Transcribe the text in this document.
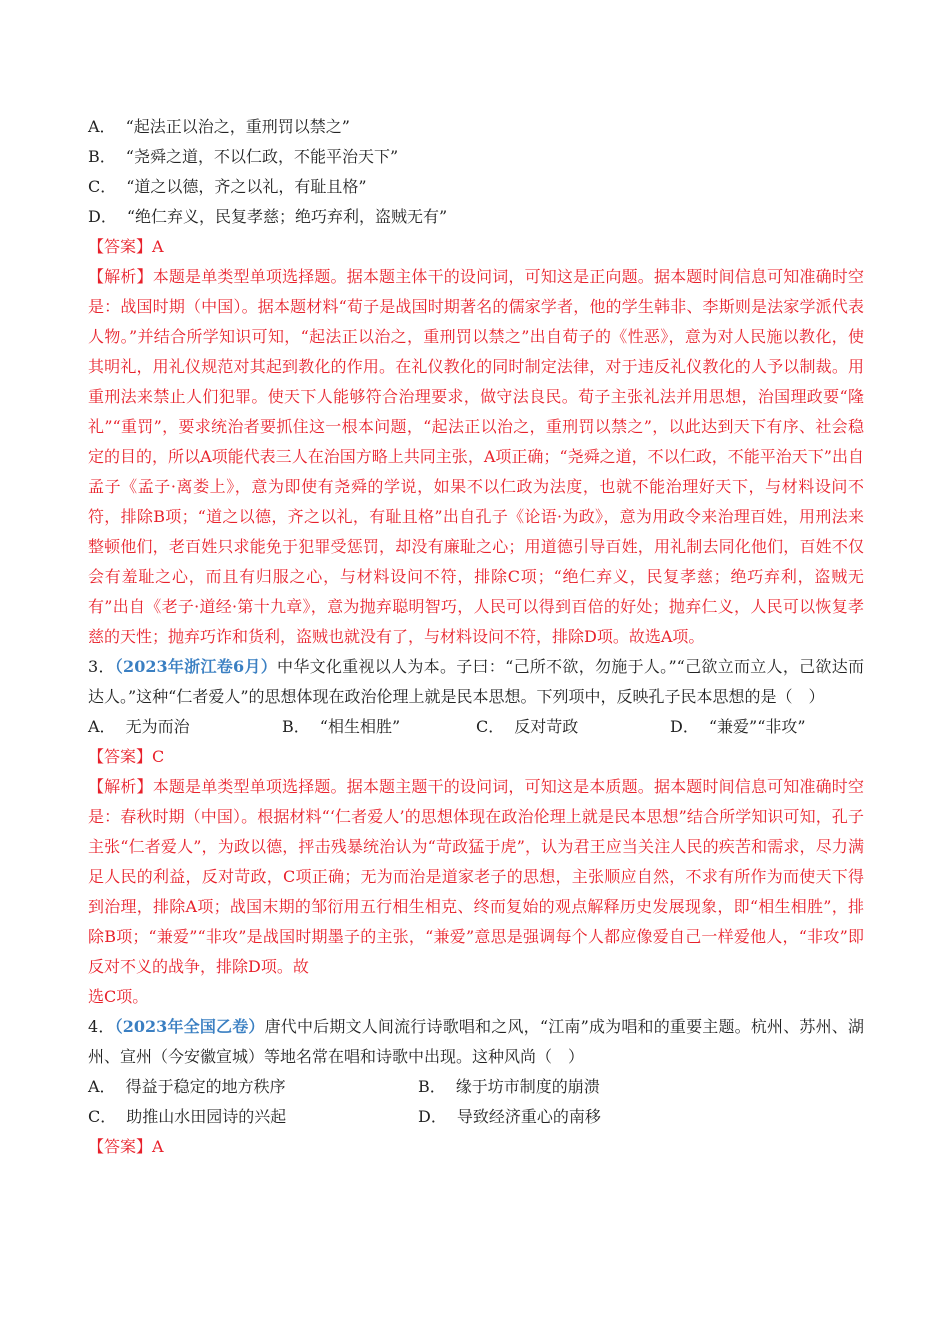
A． “起法正以治之，重刑罚以禁之”
B． “尧舜之道，不以仁政，不能平治天下”
C． “道之以德，齐之以礼，有耻且格”
D． “绝仁弃义，民复孝慈；绝巧弃利，盗贼无有”
【答案】A
【解析】本题是单类型单项选择题。据本题主体干的设问词，可知这是正向题。据本题时间信息可知准确时空是：战国时期（中国）。据本题材料“荀子是战国时期著名的儒家学者，他的学生韩非、李斯则是法家学派代表人物。”并结合所学知识可知，“起法正以治之，重刑罚以禁之”出自荀子的《性恶》，意为对人民施以教化，使其明礼，用礼仪规范对其起到教化的作用。在礼仪教化的同时制定法律，对于违反礼仪教化的人予以制裁。用重刑法来禁止人们犯罪。使天下人能够符合治理要求，做守法良民。荀子主张礼法并用思想，治国理政要“隆礼”“重罚”，要求统治者要抓住这一根本问题，“起法正以治之，重刑罚以禁之”，以此达到天下有序、社会稳定的目的，所以A项能代表三人在治国方略上共同主张，A项正确；“尧舜之道，不以仁政，不能平治天下”出自孟子《孟子·离娄上》，意为即使有尧舜的学说，如果不以仁政为法度，也就不能治理好天下，与材料设问不符，排除B项；“道之以德，齐之以礼，有耻且格”出自孔子《论语·为政》，意为用政令来治理百姓，用刑法来整顿他们，老百姓只求能免于犯罪受惩罚，却没有廉耻之心；用道德引导百姓，用礼制去同化他们，百姓不仅会有羞耻之心，而且有归服之心，与材料设问不符，排除C项；“绝仁弃义，民复孝慈；绝巧弃利，盗贼无有”出自《老子·道经·第十九章》，意为抛弃聪明智巧，人民可以得到百倍的好处；抛弃仁义，人民可以恢复孝慈的天性；抛弃巧诈和货利，盗贼也就没有了，与材料设问不符，排除D项。故选A项。
3．（2023年浙江卷6月）中华文化重视以人为本。子曰：“己所不欲，勿施于人。”“己欲立而立人，己欲达而达人。”这种“仁者爱人”的思想体现在政治伦理上就是民本思想。下列项中，反映孔子民本思想的是（　）
A． 无为而治	B． “相生相胜”	C． 反对苛政	D． “兼爱”“非攻”
【答案】C
【解析】本题是单类型单项选择题。据本题主题干的设问词，可知这是本质题。据本题时间信息可知准确时空是：春秋时期（中国）。根据材料“‘仁者爱人’的思想体现在政治伦理上就是民本思想”结合所学知识可知，孔子主张“仁者爱人”，为政以德，抨击残暴统治认为“苛政猛于虎”，认为君王应当关注人民的疾苦和需求，尽力满足人民的利益，反对苛政，C项正确；无为而治是道家老子的思想，主张顺应自然，不求有所作为而使天下得到治理，排除A项；战国末期的邹衍用五行相生相克、终而复始的观点解释历史发展现象，即“相生相胜”，排除B项；“兼爱”“非攻”是战国时期墨子的主张，“兼爱”意思是强调每个人都应像爱自己一样爱他人，“非攻”即反对不义的战争，排除D项。故
选C项。
4．（2023年全国乙卷）唐代中后期文人间流行诗歌唱和之风，“江南”成为唱和的重要主题。杭州、苏州、湖州、宣州（今安徽宣城）等地名常在唱和诗歌中出现。这种风尚（　）
A． 得益于稳定的地方秩序	B． 缘于坊市制度的崩溃
C． 助推山水田园诗的兴起	D． 导致经济重心的南移
【答案】A
